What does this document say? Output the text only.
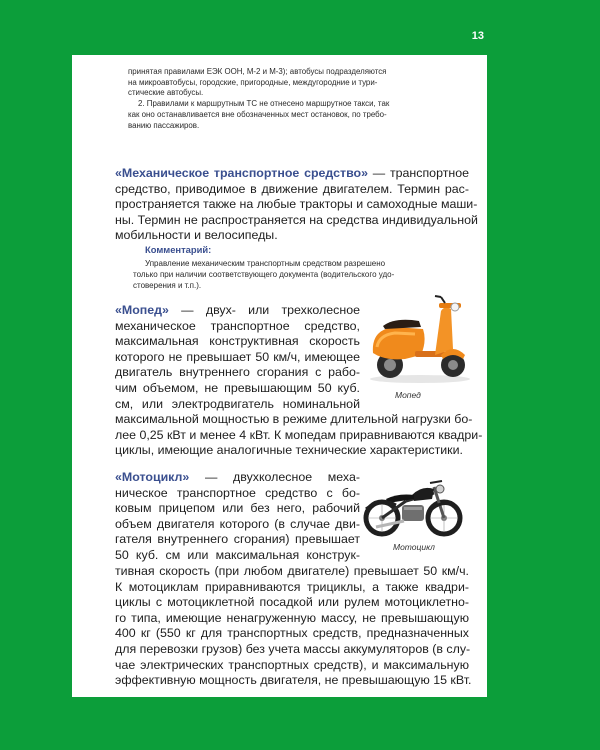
13
принятая правилами ЕЭК ООН, М-2 и М-3); автобусы подразделяются
на микроавтобусы, городские, пригородные, междугородние и тури-
стические автобусы.
2. Правилами к маршрутным ТС не отнесено маршрутное такси, так
как оно останавливается вне обозначенных мест остановок, по требо-
ванию пассажиров.
«Механическое транспортное средство» — транспортное
средство, приводимое в движение двигателем. Термин рас-
пространяется также на любые тракторы и самоходные маши-
ны. Термин не распространяется на средства индивидуальной
мобильности и велосипеды.
Комментарий:
Управление механическим транспортным средством разрешено
только при наличии соответствующего документа (водительского удо-
стоверения и т.п.).
«Мопед» — двух- или трехколесное
механическое транспортное средство,
максимальная конструктивная скорость
которого не превышает 50 км/ч, имеющее
двигатель внутреннего сгорания с рабо-
чим объемом, не превышающим 50 куб.
см, или электродвигатель номинальной
максимальной мощностью в режиме длительной нагрузки бо-
лее 0,25 кВт и менее 4 кВт. К мопедам приравниваются квадри-
циклы, имеющие аналогичные технические характеристики.
Мопед
«Мотоцикл» — двухколесное меха-
ническое транспортное средство с бо-
ковым прицепом или без него, рабочий
объем двигателя которого (в случае дви-
гателя внутреннего сгорания) превышает
50 куб. см или максимальная конструк-
тивная скорость (при любом двигателе) превышает 50 км/ч.
К мотоциклам приравниваются трициклы, а также квадри-
циклы с мотоциклетной посадкой или рулем мотоциклетно-
го типа, имеющие ненагруженную массу, не превышающую
400 кг (550 кг для транспортных средств, предназначенных
для перевозки грузов) без учета массы аккумуляторов (в слу-
чае электрических транспортных средств), и максимальную
эффективную мощность двигателя, не превышающую 15 кВт.
Мотоцикл
